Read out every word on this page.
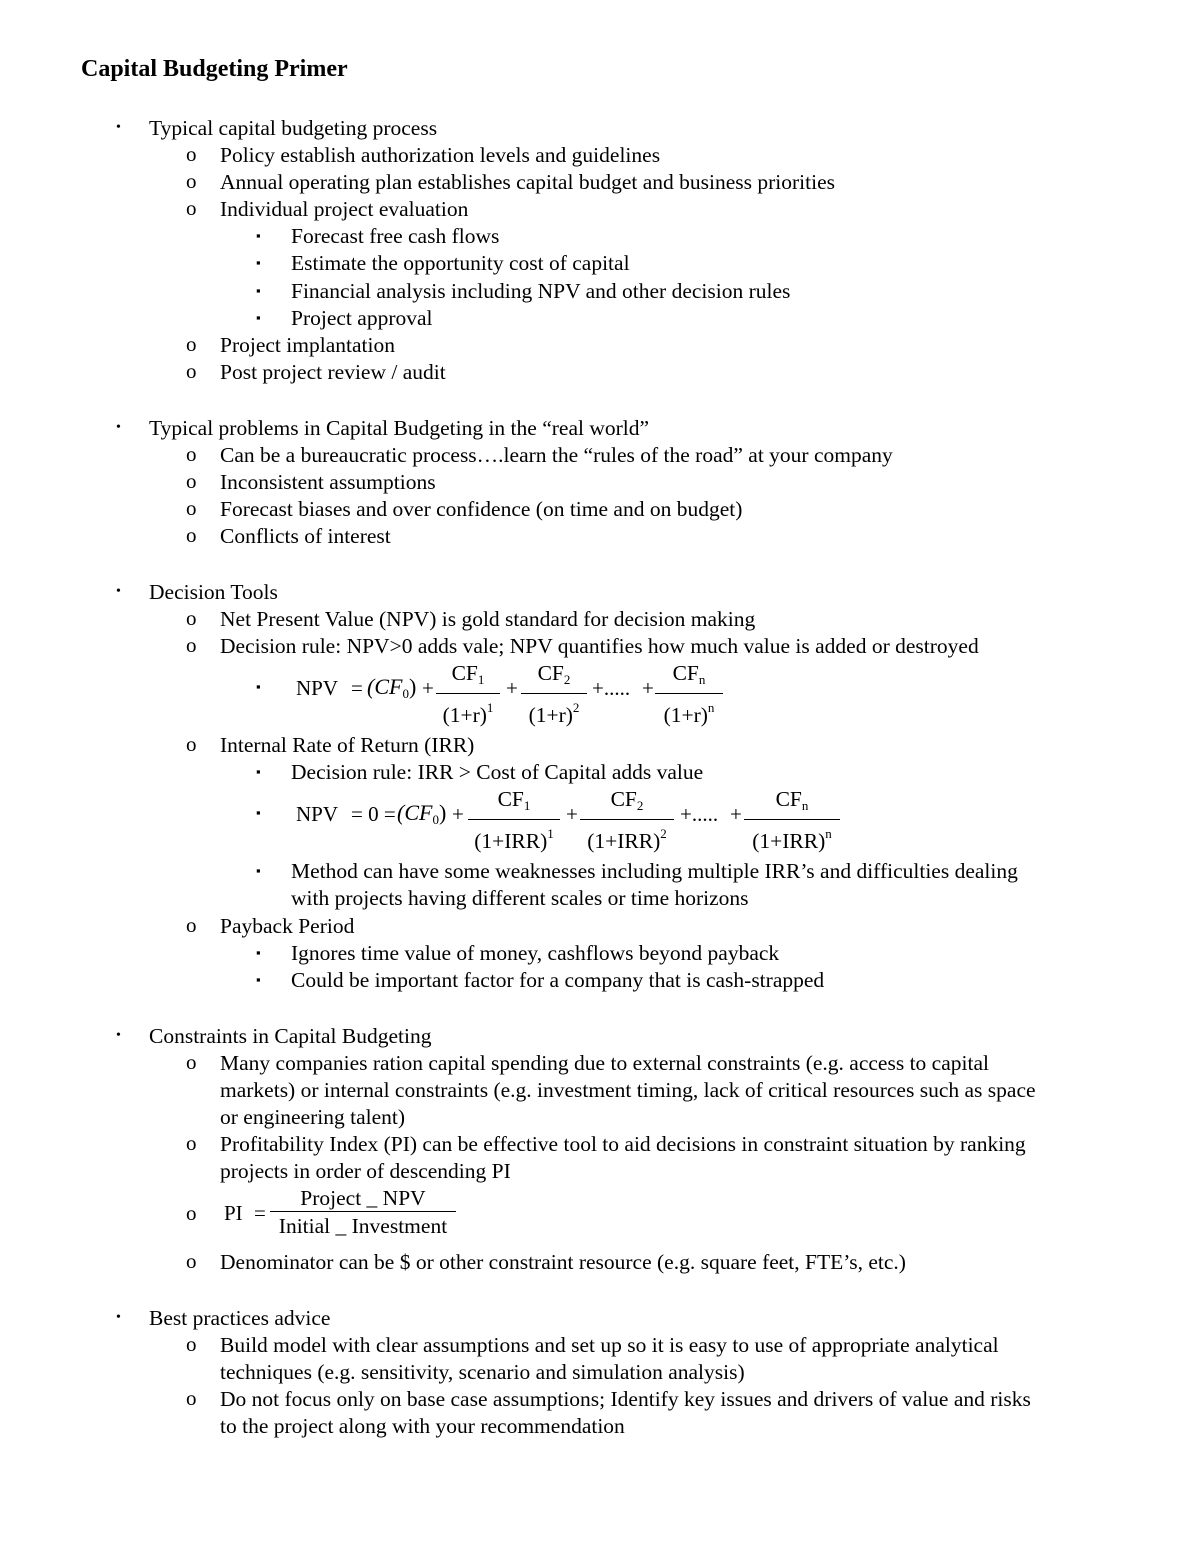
Capital Budgeting Primer
• Typical capital budgeting process
o Policy establish authorization levels and guidelines
o Annual operating plan establishes capital budget and business priorities
o Individual project evaluation
▪ Forecast free cash flows
▪ Estimate the opportunity cost of capital
▪ Financial analysis including NPV and other decision rules
▪ Project approval
o Project implantation
o Post project review / audit
• Typical problems in Capital Budgeting in the “real world”
o Can be a bureaucratic process….learn the “rules of the road” at your company
o Inconsistent assumptions
o Forecast biases and over confidence (on time and on budget)
o Conflicts of interest
• Decision Tools
o Net Present Value (NPV) is gold standard for decision making
o Decision rule: NPV>0 adds vale; NPV quantifies how much value is added or destroyed
▪ NPV = (CF0) +
CF1
$(1+r)^1$
+
CF2
$(1+r)^2$
+..... +
CFn
$(1+r)^n$
o Internal Rate of Return (IRR)
▪ Decision rule: IRR > Cost of Capital adds value
▪ NPV = 0 = (CF0) +
CF1
$(1+IRR)^1$
+
CF2
$(1+IRR)^2$
+..... +
CFn
$(1+IRR)^n$
▪ Method can have some weaknesses including multiple IRR’s and difficulties dealing
with projects having different scales or time horizons
o Payback Period
▪ Ignores time value of money, cashflows beyond payback
▪ Could be important factor for a company that is cash-strapped
• Constraints in Capital Budgeting
o Many companies ration capital spending due to external constraints (e.g. access to capital
markets) or internal constraints (e.g. investment timing, lack of critical resources such as space
or engineering talent)
o Profitability Index (PI) can be effective tool to aid decisions in constraint situation by ranking
projects in order of descending PI
o PI =
Project _ NPV
Initial _ Investment
o Denominator can be $ or other constraint resource (e.g. square feet, FTE’s, etc.)
• Best practices advice
o Build model with clear assumptions and set up so it is easy to use of appropriate analytical
techniques (e.g. sensitivity, scenario and simulation analysis)
o Do not focus only on base case assumptions; Identify key issues and drivers of value and risks
to the project along with your recommendation
